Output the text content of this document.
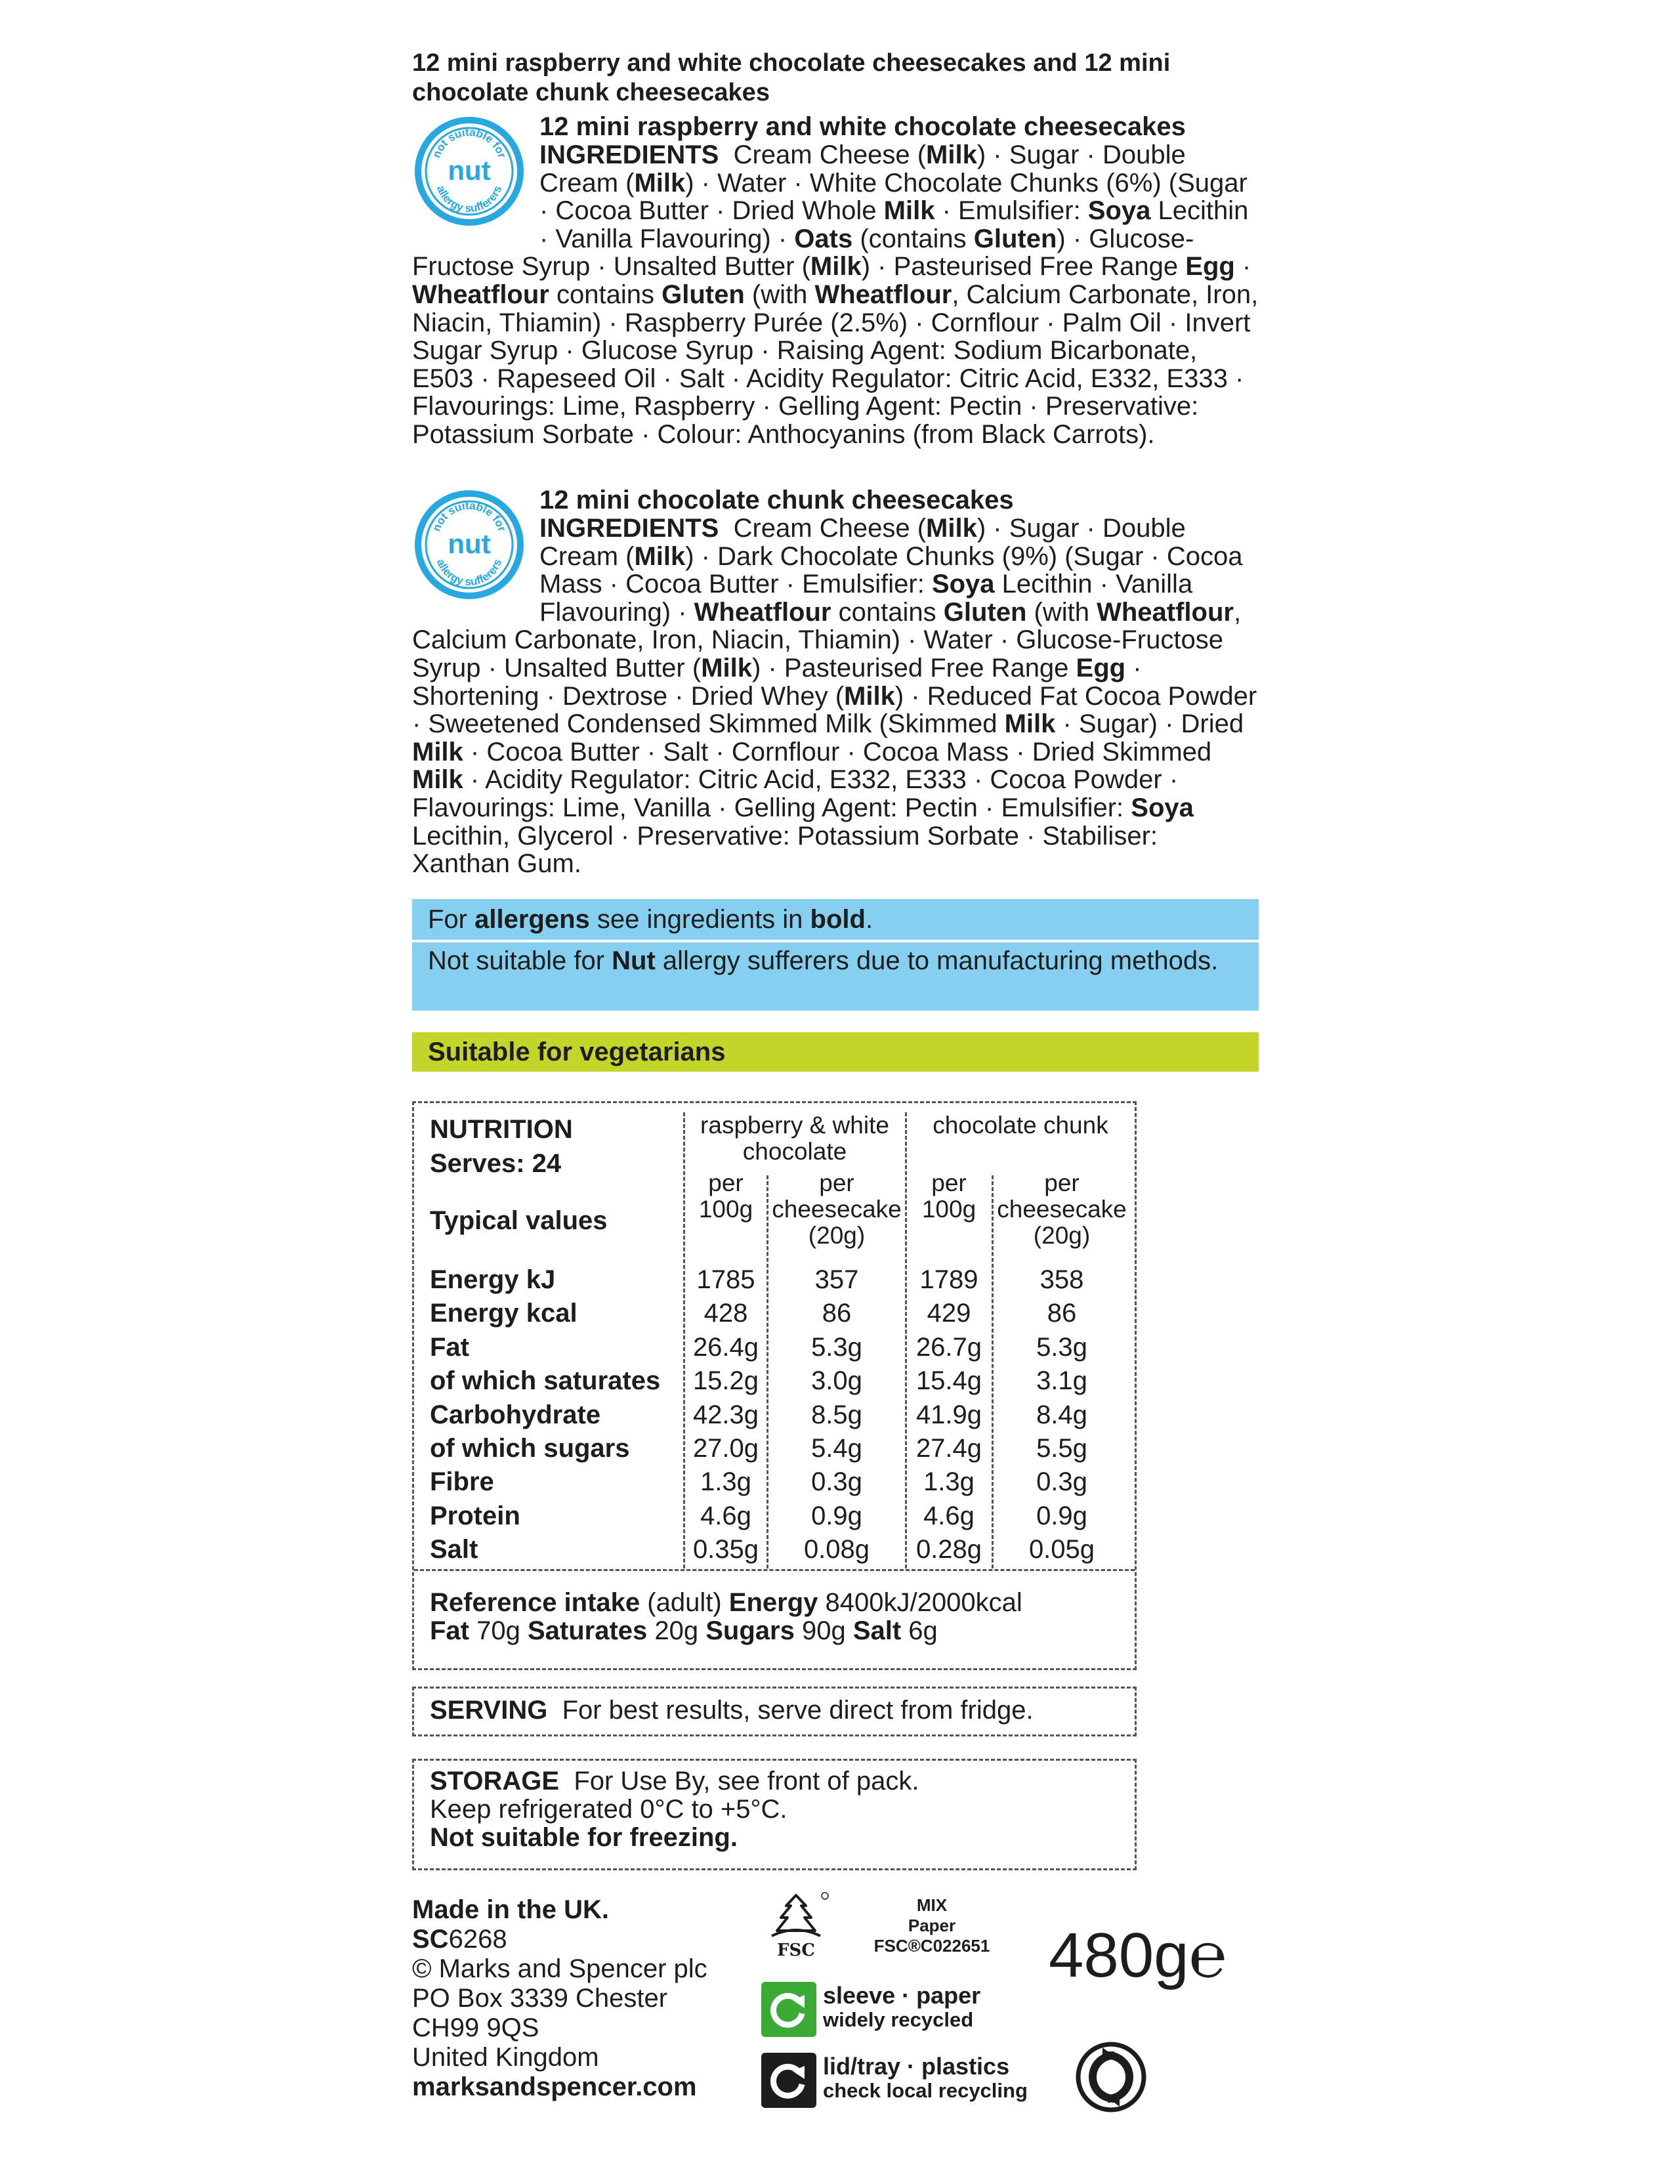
12 mini raspberry and white chocolate cheesecakes and 12 mini chocolate chunk cheesecakes
not suitable for
nut
allergy sufferers

12 mini raspberry and white chocolate cheesecakes

INGREDIENTS Cream Cheese (Milk) · Sugar · Double Cream (Milk) · Water · White Chocolate Chunks (6%) (Sugar · Cocoa Butter · Dried Whole Milk · Emulsifier: Soya Lecithin · Vanilla Flavouring) · Oats (contains Gluten) · Glucose-Fructose Syrup · Unsalted Butter (Milk) · Pasteurised Free Range Egg · Wheatflour contains Gluten (with Wheatflour, Calcium Carbonate, Iron, Niacin, Thiamin) · Raspberry Purée (2.5%) · Cornflour · Palm Oil · Invert Sugar Syrup · Glucose Syrup · Raising Agent: Sodium Bicarbonate, E503 · Rapeseed Oil · Salt · Acidity Regulator: Citric Acid, E332, E333 · Flavourings: Lime, Raspberry · Gelling Agent: Pectin · Preservative: Potassium Sorbate · Colour: Anthocyanins (from Black Carrots).

not suitable for
nut
allergy sufferers

12 mini chocolate chunk cheesecakes

INGREDIENTS Cream Cheese (Milk) · Sugar · Double Cream (Milk) · Dark Chocolate Chunks (9%) (Sugar · Cocoa Mass · Cocoa Butter · Emulsifier: Soya Lecithin · Vanilla Flavouring) · Wheatflour contains Gluten (with Wheatflour, Calcium Carbonate, Iron, Niacin, Thiamin) · Water · Glucose-Fructose Syrup · Unsalted Butter (Milk) · Pasteurised Free Range Egg · Shortening · Dextrose · Dried Whey (Milk) · Reduced Fat Cocoa Powder · Sweetened Condensed Skimmed Milk (Skimmed Milk · Sugar) · Dried Milk · Cocoa Butter · Salt · Cornflour · Cocoa Mass · Dried Skimmed Milk · Acidity Regulator: Citric Acid, E332, E333 · Cocoa Powder · Flavourings: Lime, Vanilla · Gelling Agent: Pectin · Emulsifier: Soya Lecithin, Glycerol · Preservative: Potassium Sorbate · Stabiliser: Xanthan Gum.

For allergens see ingredients in bold.

Not suitable for Nut allergy sufferers due to manufacturing methods.

Suitable for vegetarians
NUTRITION
Serves: 24
Typical values
raspberry & white chocolate
chocolate chunk
per 100g
per cheesecake (20g)
per 100g
per cheesecake (20g)
Energy kJ	1785	357	1789	358
Energy kcal	428	86	429	86
Fat	26.4g	5.3g	26.7g	5.3g
of which saturates 15.2g	3.0g	15.4g	3.1g
Carbohydrate	42.3g	8.5g	41.9g	8.4g
of which sugars 27.0g	5.4g	27.4g	5.5g
Fibre	1.3g	0.3g	1.3g	0.3g
Protein	4.6g	0.9g	4.6g	0.9g
Salt	0.35g	0.08g	0.28g	0.05g

Reference intake (adult) Energy 8400kJ/2000kcal
Fat 70g Saturates 20g Sugars 90g Salt 6g

SERVING For best results, serve direct from fridge.

STORAGE For Use By, see front of pack.
Keep refrigerated 0°C to +5°C.
Not suitable for freezing.

Made in the UK.
SC6268
© Marks and Spencer plc
PO Box 3339 Chester
CH99 9QS
United Kingdom
marksandspencer.com
FSC
MIX
Paper
FSC®C022651 480g℮
sleeve · paper
widely recycled
lid/tray · plastics
check local recycling
